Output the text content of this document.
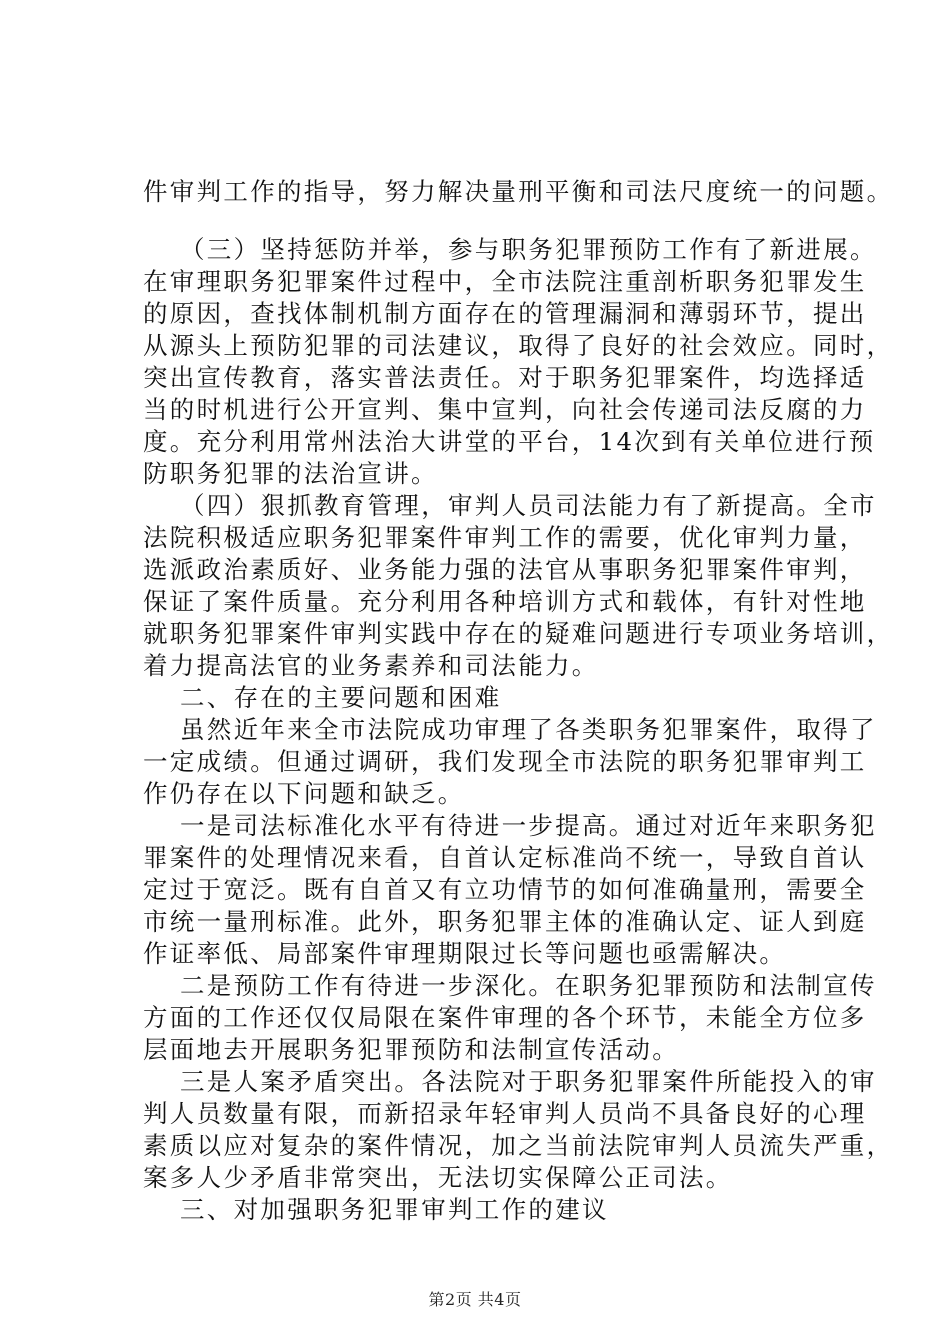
件审判工作的指导，努力解决量刑平衡和司法尺度统一的问题。
（三）坚持惩防并举，参与职务犯罪预防工作有了新进展。
在审理职务犯罪案件过程中，全市法院注重剖析职务犯罪发生
的原因，查找体制机制方面存在的管理漏洞和薄弱环节，提出
从源头上预防犯罪的司法建议，取得了良好的社会效应。同时，
突出宣传教育，落实普法责任。对于职务犯罪案件，均选择适
当的时机进行公开宣判、集中宣判，向社会传递司法反腐的力
度。充分利用常州法治大讲堂的平台，14次到有关单位进行预
防职务犯罪的法治宣讲。
（四）狠抓教育管理，审判人员司法能力有了新提高。全市
法院积极适应职务犯罪案件审判工作的需要，优化审判力量，
选派政治素质好、业务能力强的法官从事职务犯罪案件审判，
保证了案件质量。充分利用各种培训方式和载体，有针对性地
就职务犯罪案件审判实践中存在的疑难问题进行专项业务培训，
着力提高法官的业务素养和司法能力。
二、存在的主要问题和困难
虽然近年来全市法院成功审理了各类职务犯罪案件，取得了
一定成绩。但通过调研，我们发现全市法院的职务犯罪审判工
作仍存在以下问题和缺乏。
一是司法标准化水平有待进一步提高。通过对近年来职务犯
罪案件的处理情况来看，自首认定标准尚不统一，导致自首认
定过于宽泛。既有自首又有立功情节的如何准确量刑，需要全
市统一量刑标准。此外，职务犯罪主体的准确认定、证人到庭
作证率低、局部案件审理期限过长等问题也亟需解决。
二是预防工作有待进一步深化。在职务犯罪预防和法制宣传
方面的工作还仅仅局限在案件审理的各个环节，未能全方位多
层面地去开展职务犯罪预防和法制宣传活动。
三是人案矛盾突出。各法院对于职务犯罪案件所能投入的审
判人员数量有限，而新招录年轻审判人员尚不具备良好的心理
素质以应对复杂的案件情况，加之当前法院审判人员流失严重，
案多人少矛盾非常突出，无法切实保障公正司法。
三、对加强职务犯罪审判工作的建议
第2页 共4页
